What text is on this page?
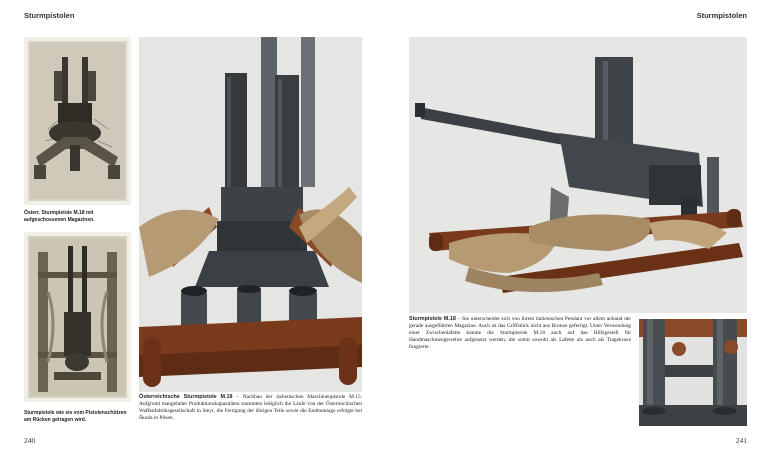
Sturmpistolen
Österr. Sturmpistole M.18 mit aufgeschossenen Magazinen.
Sturmpistole wie sie vom Pistolenschützen am Rücken getragen wird.
Österreichische Sturmpistole M.18 – Nachbau der italienischen Maschinenpistole M.15. Aufgrund mangelnder Produktionskapazitäten stammten lediglich die Läufe von der Österreichischen Waffenfabriksgesellschaft in Steyr, die Fertigung der übrigen Teile sowie die Endmontage erfolgte bei Škoda in Pilsen.
240
Sturmpistolen
Sturmpistole M.18 – Sie unterscheidet sich von ihrem italienischen Pendant vor allem anhand der gerade ausgeführten Magazine. Auch ist das Griffstück nicht aus Bronze gefertigt. Unter Verwendung einer Zwischenlafette konnte die Sturmpistole M.18 auch auf das Hilfsgestell für Handmaschinengewehre aufgesetzt werden, die somit sowohl als Lafette als auch als Tragekraxe fungierte.
241
